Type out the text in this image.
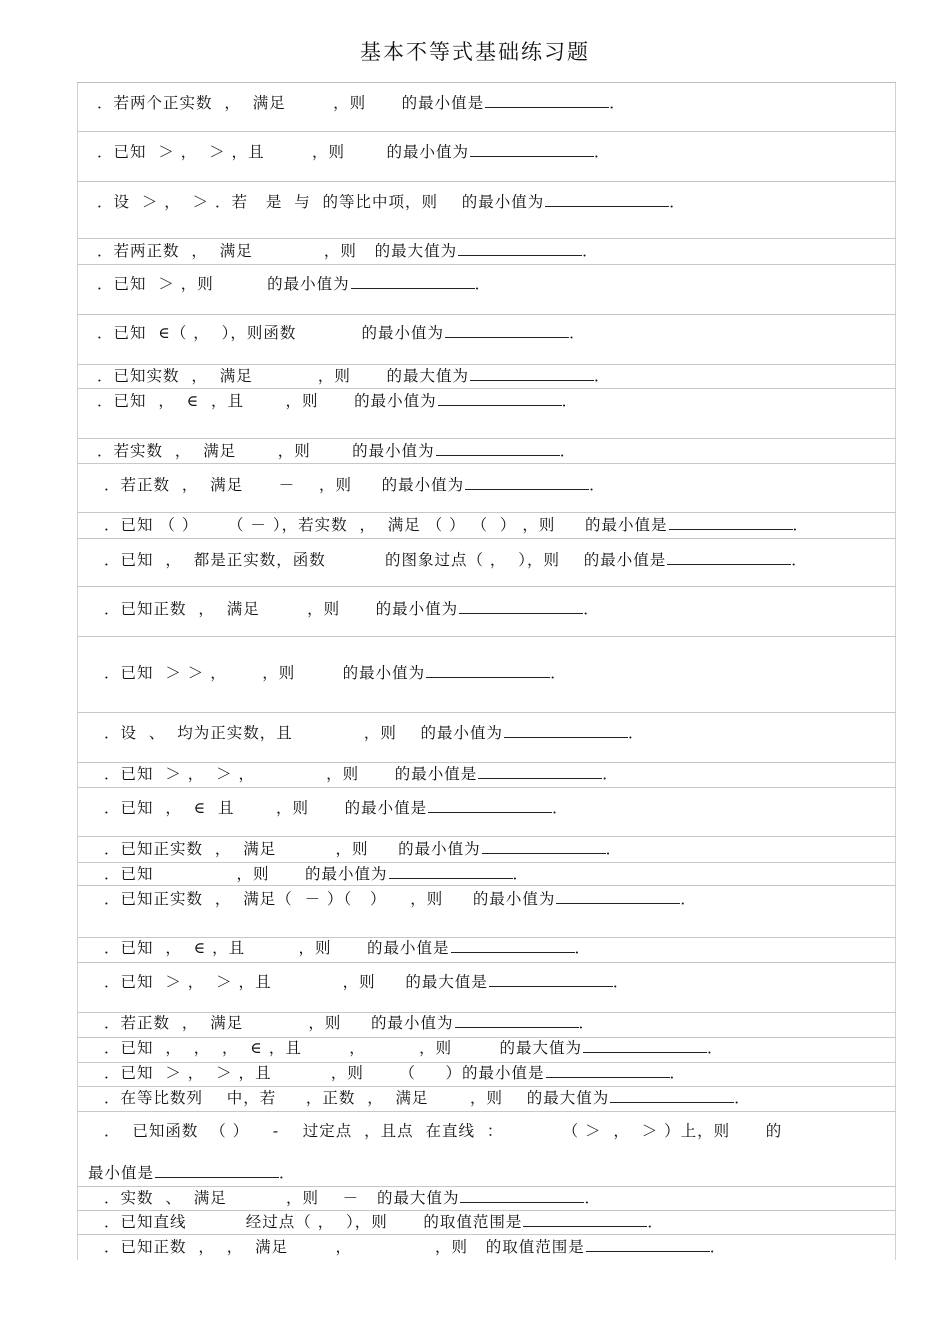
基本不等式基础练习题
．若两个正实数  ，  满足        ，则      的最小值是	．
．已知  ＞ ，  ＞ ，且        ，则       的最小值为	．
．设  ＞ ，  ＞ ．若   是  与  的等比中项，则    的最小值为	．
．若两正数  ，  满足            ，则   的最大值为	．
．已知  ＞ ，则         的最小值为	．
．已知  ∈（ ，  ），则函数           的最小值为	．
．已知实数  ，  满足           ，则      的最大值为	．
．已知  ，  ∈  ，且       ，则      的最小值为	．
．若实数  ，  满足       ，则       的最小值为	．
．若正数  ，  满足      －    ，则     的最小值为	．
．已知 （ ）     （ － ），若实数  ，  满足 （ ） （  ） ，则     的最小值是	．
．已知  ，  都是正实数，函数          的图象过点（ ，  ），则    的最小值是	．
．已知正数  ，  满足        ，则      的最小值为	．
．已知  ＞ ＞ ，      ，则        的最小值为	．
．设  、  均为正实数，且            ，则    的最小值为	．
．已知  ＞ ，  ＞ ，            ，则      的最小值是	．
．已知  ，  ∈  且       ，则      的最小值是	．
．已知正实数  ，  满足          ，则     的最小值为	．
．已知              ，则      的最小值为	．
．已知正实数  ，  满足（  － ）（   ）    ，则     的最小值为	．
．已知  ，  ∈ ，且         ，则      的最小值是	．
．已知  ＞ ，  ＞ ，且            ，则     的最大值是	．
．若正数  ，  满足           ，则     的最小值为	．
．已知  ，  ，  ，  ∈ ，且        ，         ，则        的最大值为	．
．已知  ＞ ，  ＞ ，且          ，则      （     ）的最小值是	．
．在等比数列    中，若     ，正数  ，  满足       ，则    的最大值为	．
．  已知函数  （ ）    -    过定点  ，且点  在直线  ：          （ ＞  ，  ＞ ）上，则      的
．实数  、  满足          ，则    －   的最大值为	．
．已知直线          经过点（ ，  ），则      的取值范围是	．
．已知正数  ，  ，  满足        ，              ，则   的取值范围是	．
最小值是	．
